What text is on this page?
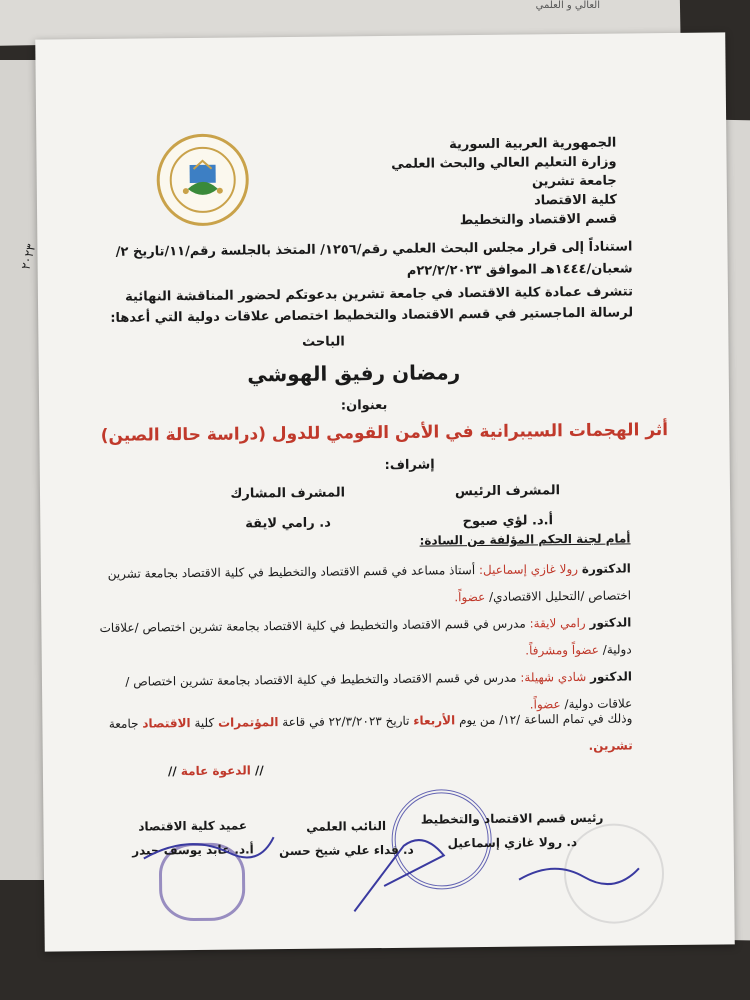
العالي و العلمي
الجمهورية العربية السورية
وزارة التعليم العالي والبحث العلمي
جامعة تشرين
كلية الاقتصاد
قسم الاقتصاد والتخطيط
٢٠٢٣	استناداً إلى قرار مجلس البحث العلمي رقم/١٢٥٦/ المتخذ بالجلسة رقم/١١/تاريخ ٢/شعبان/١٤٤٤هـ الموافق ٢٢/٢/٢٠٢٣م
تتشرف عمادة كلية الاقتصاد في جامعة تشرين بدعوتكم لحضور المناقشة النهائية لرسالة الماجستير في قسم الاقتصاد والتخطيط اختصاص علاقات دولية التي أعدها:
الباحث
رمضان رفيق الهوشي
بعنوان:
أثر الهجمات السيبرانية في الأمن القومي للدول (دراسة حالة الصين)
إشراف:
المشرف الرئيس
أ.د. لؤي صيوح
المشرف المشارك
د. رامي لايقة
أمام لجنة الحكم المؤلفة من السادة:
الدكتورة رولا غازي إسماعيل: أستاذ مساعد في قسم الاقتصاد والتخطيط في كلية الاقتصاد بجامعة تشرين اختصاص /التحليل الاقتصادي/ عضواً.
الدكتور رامي لايقة: مدرس في قسم الاقتصاد والتخطيط في كلية الاقتصاد بجامعة تشرين اختصاص /علاقات دولية/ عضواً ومشرفاً.
الدكتور شادي شهيلة: مدرس في قسم الاقتصاد والتخطيط في كلية الاقتصاد بجامعة تشرين اختصاص /علاقات دولية/ عضواً.
وذلك في تمام الساعة /١٢/ من يوم الأربعاء تاريخ ٢٢/٣/٢٠٢٣ في قاعة المؤتمرات كلية الاقتصاد جامعة تشرين.
// الدعوة عامة //
رئيس قسم الاقتصاد والتخطيط
د. رولا غازي إسماعيل
النائب العلمي
د. فداء علي شيخ حسن
عميد كلية الاقتصاد
أ.د. عابد يوسف حيدر
